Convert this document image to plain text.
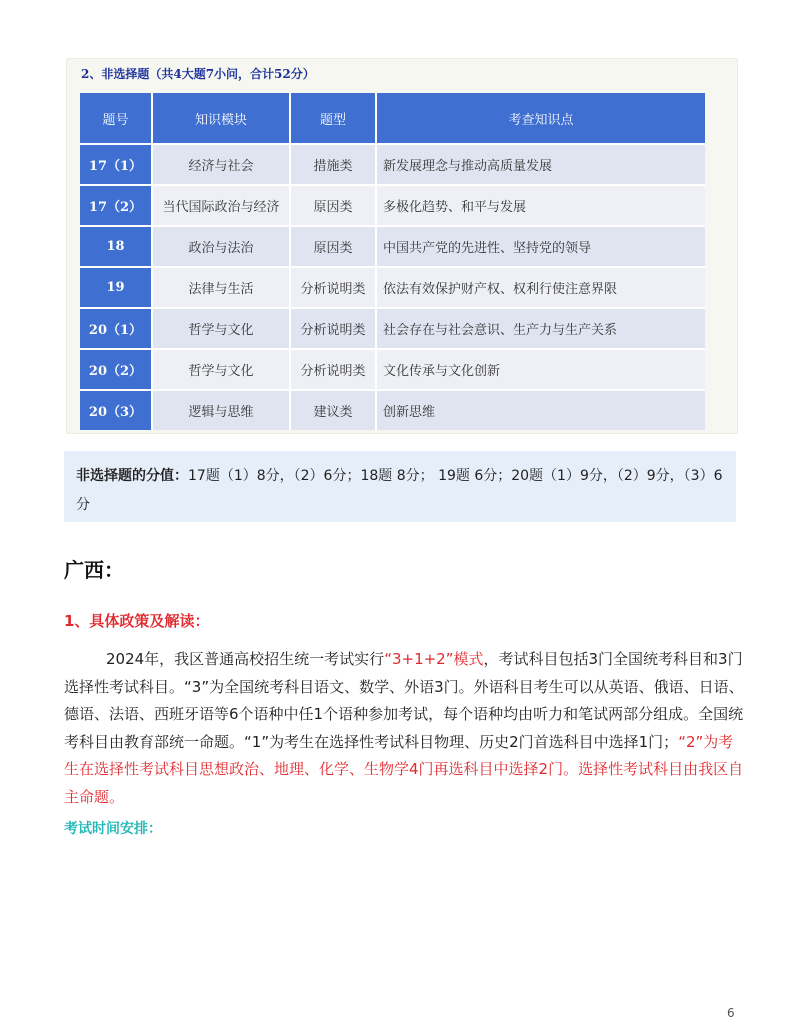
2、非选择题（共4大题7小问，合计52分）
题号	知识模块	题型	考查知识点
17（1）	经济与社会	措施类	新发展理念与推动高质量发展
17（2）	当代国际政治与经济	原因类	多极化趋势、和平与发展
18	政治与法治	原因类	中国共产党的先进性、坚持党的领导
19	法律与生活	分析说明类	依法有效保护财产权、权利行使注意界限
20（1）	哲学与文化	分析说明类	社会存在与社会意识、生产力与生产关系
20（2）	哲学与文化	分析说明类	文化传承与文化创新
20（3）	逻辑与思维	建议类	创新思维
非选择题的分值：17题（1）8分，（2）6分；18题 8分； 19题 6分；20题（1）9分，（2）9分，（3）6分
广西：
1、具体政策及解读：
2024年，我区普通高校招生统一考试实行“3+1+2”模式，考试科目包括3门全国统考科目和3门选择性考试科目。“3”为全国统考科目语文、数学、外语3门。外语科目考生可以从英语、俄语、日语、德语、法语、西班牙语等6个语种中任1个语种参加考试，每个语种均由听力和笔试两部分组成。全国统考科目由教育部统一命题。“1”为考生在选择性考试科目物理、历史2门首选科目中选择1门；“2”为考生在选择性考试科目思想政治、地理、化学、生物学4门再选科目中选择2门。选择性考试科目由我区自主命题。
考试时间安排：
6
